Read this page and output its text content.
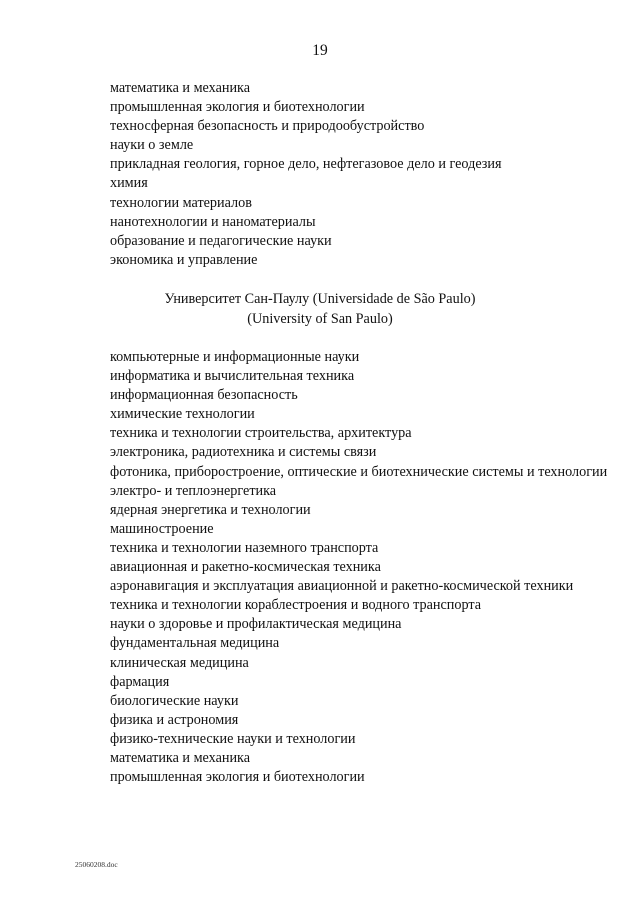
19
математика и механика
промышленная экология и биотехнологии
техносферная безопасность и природообустройство
науки о земле
прикладная геология, горное дело, нефтегазовое дело и геодезия
химия
технологии материалов
нанотехнологии и наноматериалы
образование и педагогические науки
экономика и управление
Университет Сан-Паулу (Universidade de São Paulo)
(University of San Paulo)
компьютерные и информационные науки
информатика и вычислительная техника
информационная безопасность
химические технологии
техника и технологии строительства, архитектура
электроника, радиотехника и системы связи
фотоника, приборостроение, оптические и биотехнические системы и технологии
электро- и теплоэнергетика
ядерная энергетика и технологии
машиностроение
техника и технологии наземного транспорта
авиационная и ракетно-космическая техника
аэронавигация и эксплуатация авиационной и ракетно-космической техники
техника и технологии кораблестроения и водного транспорта
науки о здоровье и профилактическая медицина
фундаментальная медицина
клиническая медицина
фармация
биологические науки
физика и астрономия
физико-технические науки и технологии
математика и механика
промышленная экология и биотехнологии
25060208.doc
